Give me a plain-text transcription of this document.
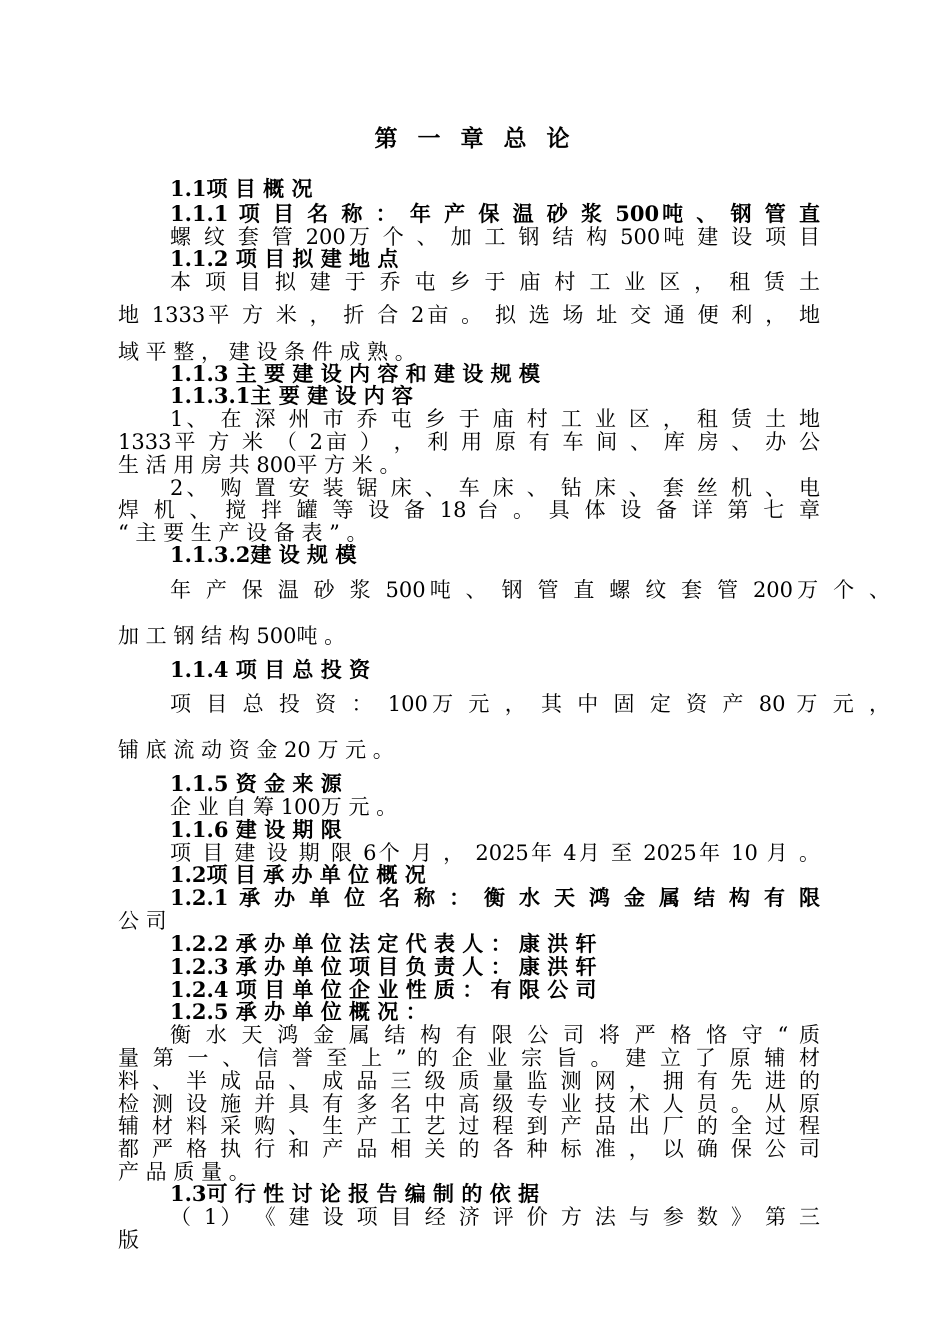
第 一 章 总 论
1.1项 目 概 况
1.1.1 项 目 名 称 ： 年 产 保 温 砂 浆 500吨 、 钢 管 直
螺 纹 套 管 200万 个 、 加 工 钢 结 构 500吨 建 设 项 目
1.1.2 项 目 拟 建 地 点
本 项 目 拟 建 于 乔 屯 乡 于 庙 村 工 业 区 ， 租 赁 土
地 1333平 方 米 ， 折 合 2亩 。 拟 选 场 址 交 通 便 利 ， 地
域 平 整 ， 建 设 条 件 成 熟 。
1.1.3 主 要 建 设 内 容 和 建 设 规 模
1.1.3.1主 要 建 设 内 容
1、 在 深 州 市 乔 屯 乡 于 庙 村 工 业 区 ， 租 赁 土 地
1333平 方 米 （ 2亩 ） ， 利 用 原 有 车 间 、 库 房 、 办 公
生 活 用 房 共 800平 方 米 。
2、 购 置 安 装 锯 床 、 车 床 、 钻 床 、 套 丝 机 、 电
焊 机 、 搅 拌 罐 等 设 备 18 台 。 具 体 设 备 详 第 七 章
“ 主 要 生 产 设 备 表 ” 。
1.1.3.2建 设 规 模
年 产 保 温 砂 浆 500吨 、 钢 管 直 螺 纹 套 管 200万 个 、
加 工 钢 结 构 500吨 。
1.1.4 项 目 总 投 资
项 目 总 投 资 ： 100万 元 ， 其 中 固 定 资 产 80 万 元 ，
铺 底 流 动 资 金 20 万 元 。
1.1.5 资 金 来 源
企 业 自 筹 100万 元 。
1.1.6 建 设 期 限
项 目 建 设 期 限 6个 月 ， 2025年 4月 至 2025年 10 月 。
1.2项 目 承 办 单 位 概 况
1.2.1 承 办 单 位 名 称 ： 衡 水 天 鸿 金 属 结 构 有 限
公 司
1.2.2 承 办 单 位 法 定 代 表 人 ： 康 洪 轩
1.2.3 承 办 单 位 项 目 负 责 人 ： 康 洪 轩
1.2.4 项 目 单 位 企 业 性 质 ： 有 限 公 司
1.2.5 承 办 单 位 概 况 ：
衡 水 天 鸿 金 属 结 构 有 限 公 司 将 严 格 恪 守 “ 质
量 第 一 、 信 誉 至 上 ” 的 企 业 宗 旨 。 建 立 了 原 辅 材
料 、 半 成 品 、 成 品 三 级 质 量 监 测 网 ， 拥 有 先 进 的
检 测 设 施 并 具 有 多 名 中 高 级 专 业 技 术 人 员 。 从 原
辅 材 料 采 购 、 生 产 工 艺 过 程 到 产 品 出 厂 的 全 过 程
都 严 格 执 行 和 产 品 相 关 的 各 种 标 准 ， 以 确 保 公 司
产 品 质 量 。
1.3可 行 性 讨 论 报 告 编 制 的 依 据
（ 1） 《 建 设 项 目 经 济 评 价 方 法 与 参 数 》 第 三
版
